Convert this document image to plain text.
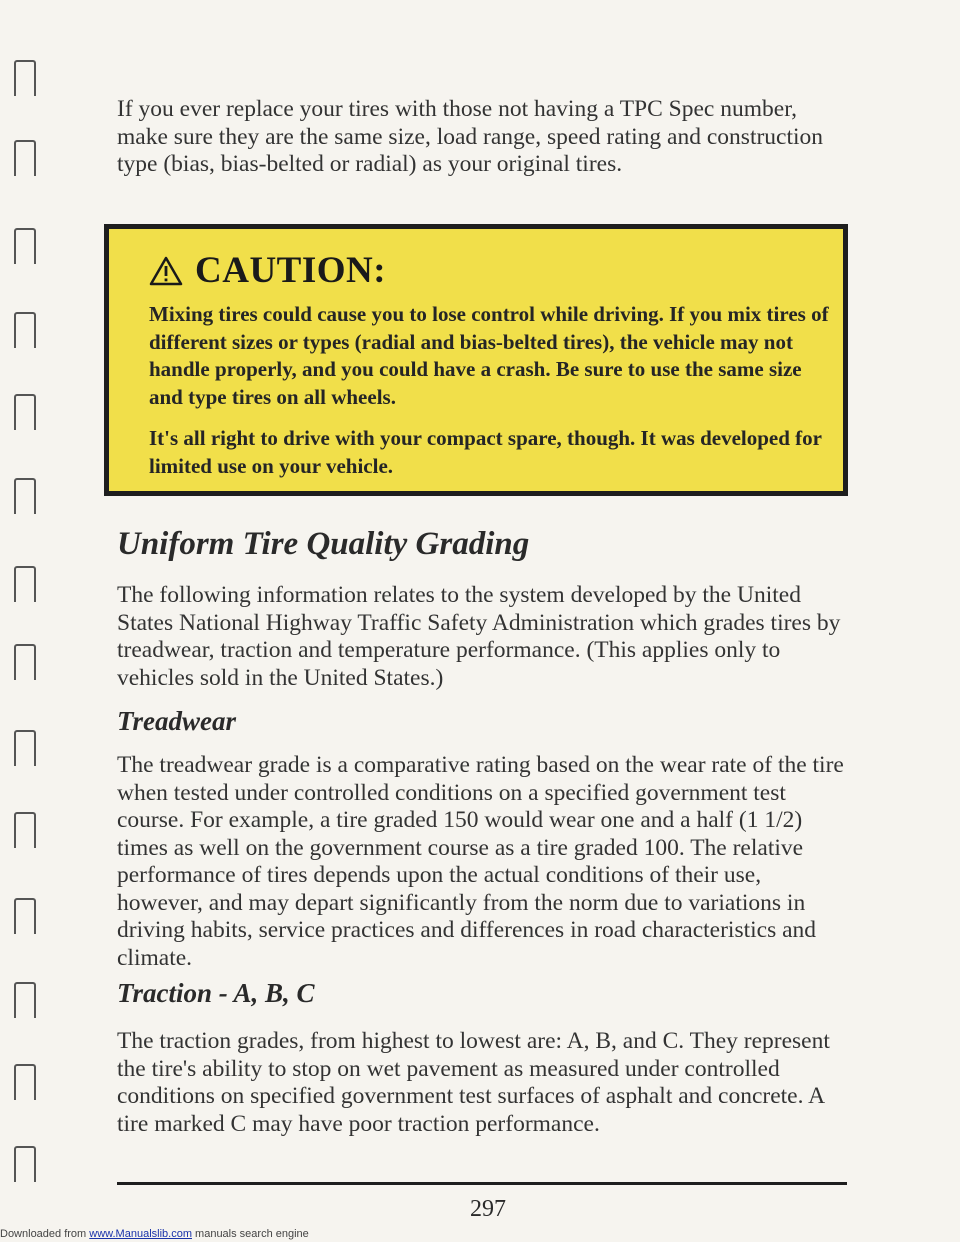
If you ever replace your tires with those not having a TPC Spec number, make sure they are the same size, load range, speed rating and construction type (bias, bias-belted or radial) as your original tires.

CAUTION:

Mixing tires could cause you to lose control while driving. If you mix tires of different sizes or types (radial and bias-belted tires), the vehicle may not handle properly, and you could have a crash. Be sure to use the same size and type tires on all wheels.

It's all right to drive with your compact spare, though. It was developed for limited use on your vehicle.

Uniform Tire Quality Grading

The following information relates to the system developed by the United States National Highway Traffic Safety Administration which grades tires by treadwear, traction and temperature performance. (This applies only to vehicles sold in the United States.)

Treadwear

The treadwear grade is a comparative rating based on the wear rate of the tire when tested under controlled conditions on a specified government test course. For example, a tire graded 150 would wear one and a half (1 1/2) times as well on the government course as a tire graded 100. The relative performance of tires depends upon the actual conditions of their use, however, and may depart significantly from the norm due to variations in driving habits, service practices and differences in road characteristics and climate.

Traction - A, B, C

The traction grades, from highest to lowest are: A, B, and C. They represent the tire's ability to stop on wet pavement as measured under controlled conditions on specified government test surfaces of asphalt and concrete. A tire marked C may have poor traction performance.

297
Downloaded from www.Manualslib.com manuals search engine
